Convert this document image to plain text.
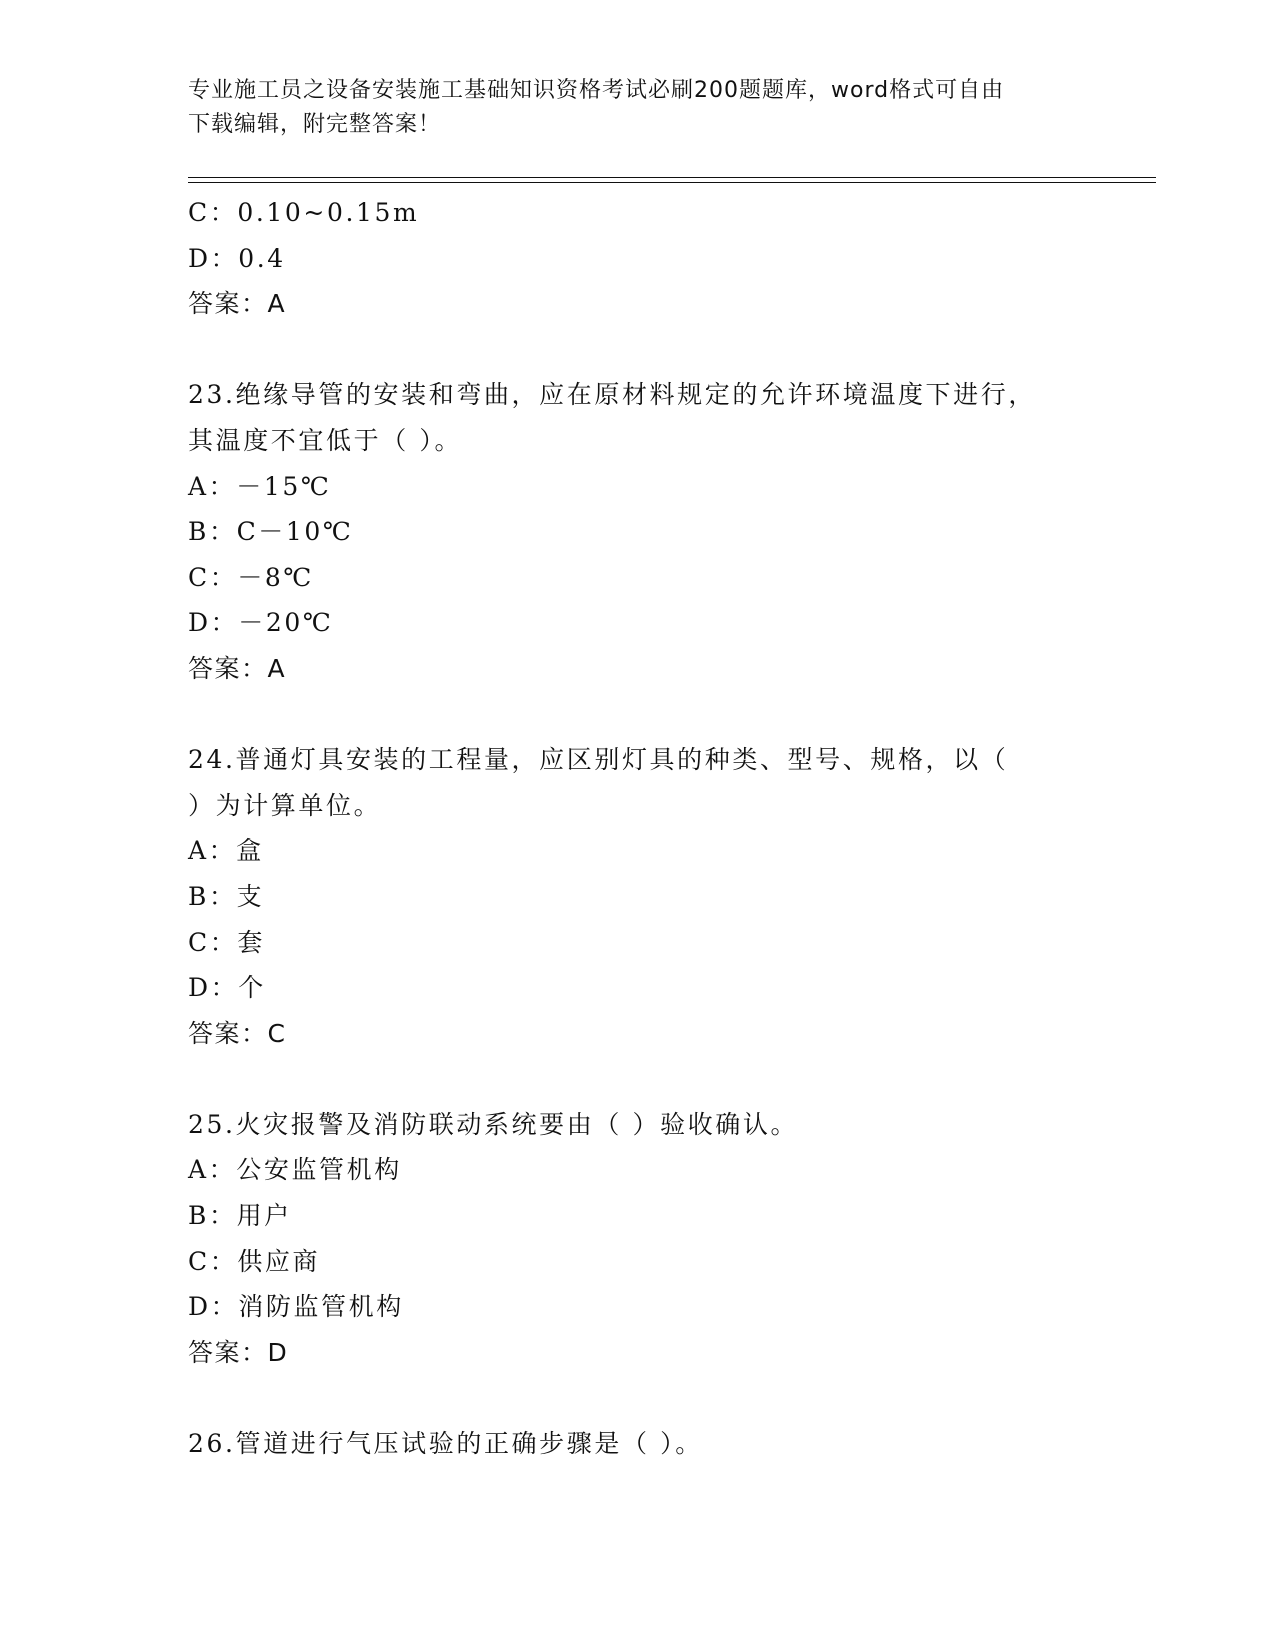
专业施工员之设备安装施工基础知识资格考试必刷200题题库，word格式可自由
下载编辑，附完整答案！
C：0.10~0.15m
D：0.4
答案：A
23.绝缘导管的安装和弯曲，应在原材料规定的允许环境温度下进行，
其温度不宜低于（ ）。
A：－15℃
B：C－10℃
C：－8℃
D：－20℃
答案：A
24.普通灯具安装的工程量，应区别灯具的种类、型号、规格，以（
）为计算单位。
A：盒
B：支
C：套
D：个
答案：C
25.火灾报警及消防联动系统要由（ ）验收确认。
A：公安监管机构
B：用户
C：供应商
D：消防监管机构
答案：D
26.管道进行气压试验的正确步骤是（ ）。
